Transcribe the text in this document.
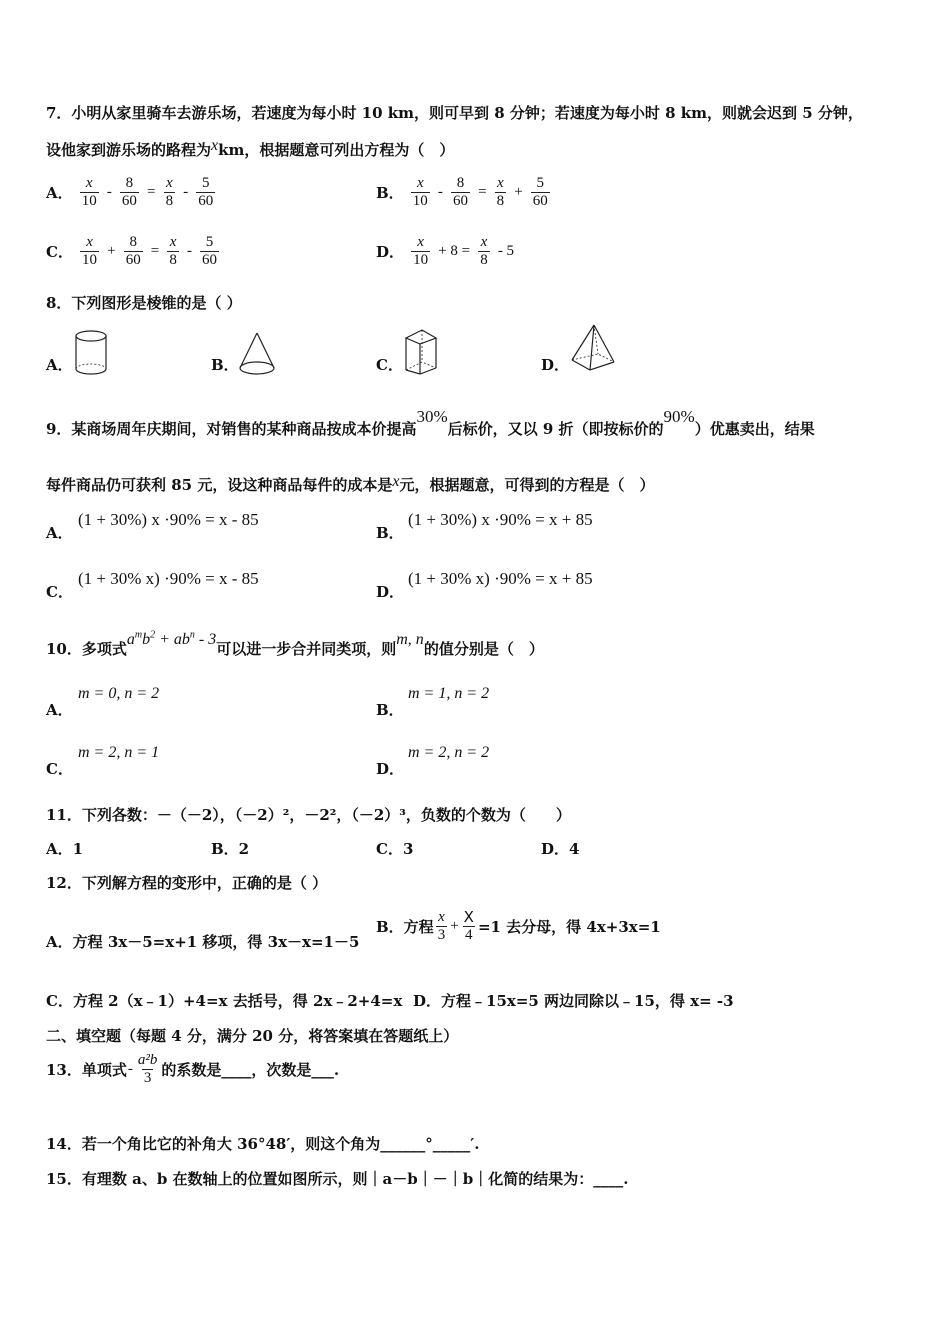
7．小明从家里骑车去游乐场，若速度为每小时 10 km，则可早到 8 分钟；若速度为每小时 8 km，则就会迟到 5 分钟，
设他家到游乐场的路程为xkm，根据题意可列出方程为（　）
A． $\frac{x}{10} - \frac{8}{60} = \frac{x}{8} - \frac{5}{60}$	B． $\frac{x}{10} - \frac{8}{60} = \frac{x}{8} + \frac{5}{60}$
C． $\frac{x}{10} + \frac{8}{60} = \frac{x}{8} - \frac{5}{60}$	D． $\frac{x}{10} + 8 = \frac{x}{8} - 5$
8．下列图形是棱锥的是（ ）
A．	B．	C．	D．
9．某商场周年庆期间，对销售的某种商品按成本价提高30%后标价，又以 9 折（即按标价的90%）优惠卖出，结果
每件商品仍可获利 85 元，设这种商品每件的成本是x元，根据题意，可得到的方程是（　）
A．
(1 + 30%) x ·90% = x - 85
B．
(1 + 30%) x ·90% = x + 85
C．
(1 + 30% x) ·90% = x - 85
D．
(1 + 30% x) ·90% = x + 85
10．多项式$a^mb^2 + ab^n - 3$可以进一步合并同类项，则m, n的值分别是（　）
A．
m = 0, n = 2
B．
m = 1, n = 2
C．
m = 2, n = 1
D．
m = 2, n = 2
11．下列各数：－（－2），（－2）²，－2²，（－2）³，负数的个数为（　　）
A．1	B．2	C．3	D．4
12．下列解方程的变形中，正确的是（ ）
A．方程 3x－5=x+1 移项，得 3x－x=1－5
B．方程 $\frac{x}{3} + \frac{X}{4} =1$ 去分母，得 4x+3x=1
C．方程 2（x﹣1）+4=x 去括号，得 2x﹣2+4=x D．方程﹣15x=5 两边同除以﹣15，得 x= -3
二、填空题（每题 4 分，满分 20 分，将答案填在答题纸上）
13．单项式- $\frac{\text{a²b}}{3}$ 的系数是____，次数是___.
14．若一个角比它的补角大 36°48′，则这个角为______°_____′.
15．有理数 a、b 在数轴上的位置如图所示，则｜a－b｜－｜b｜化简的结果为：____.
